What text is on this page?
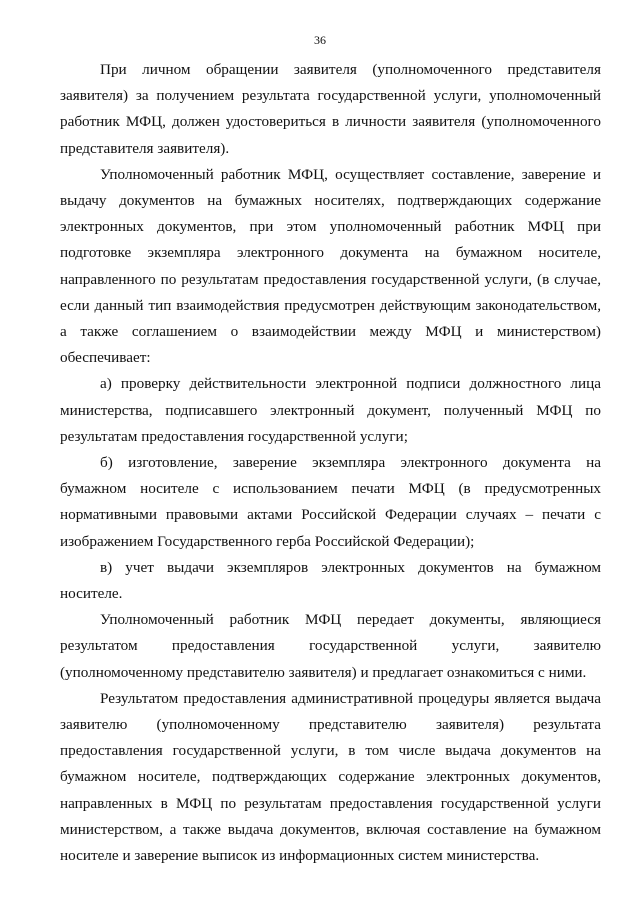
36

При личном обращении заявителя (уполномоченного представителя заявителя) за получением результата государственной услуги, уполномоченный работник МФЦ, должен удостовериться в личности заявителя (уполномоченного представителя заявителя).

Уполномоченный работник МФЦ, осуществляет составление, заверение и выдачу документов на бумажных носителях, подтверждающих содержание электронных документов, при этом уполномоченный работник МФЦ при подготовке экземпляра электронного документа на бумажном носителе, направленного по результатам предоставления государственной услуги, (в случае, если данный тип взаимодействия предусмотрен действующим законодательством, а также соглашением о взаимодействии между МФЦ и министерством) обеспечивает:

а) проверку действительности электронной подписи должностного лица министерства, подписавшего электронный документ, полученный МФЦ по результатам предоставления государственной услуги;

б) изготовление, заверение экземпляра электронного документа на бумажном носителе с использованием печати МФЦ (в предусмотренных нормативными правовыми актами Российской Федерации случаях – печати с изображением Государственного герба Российской Федерации);

в) учет выдачи экземпляров электронных документов на бумажном носителе.

Уполномоченный работник МФЦ передает документы, являющиеся результатом предоставления государственной услуги, заявителю (уполномоченному представителю заявителя) и предлагает ознакомиться с ними.

Результатом предоставления административной процедуры является выдача заявителю (уполномоченному представителю заявителя) результата предоставления государственной услуги, в том числе выдача документов на бумажном носителе, подтверждающих содержание электронных документов, направленных в МФЦ по результатам предоставления государственной услуги министерством, а также выдача документов, включая составление на бумажном носителе и заверение выписок из информационных систем министерства.
